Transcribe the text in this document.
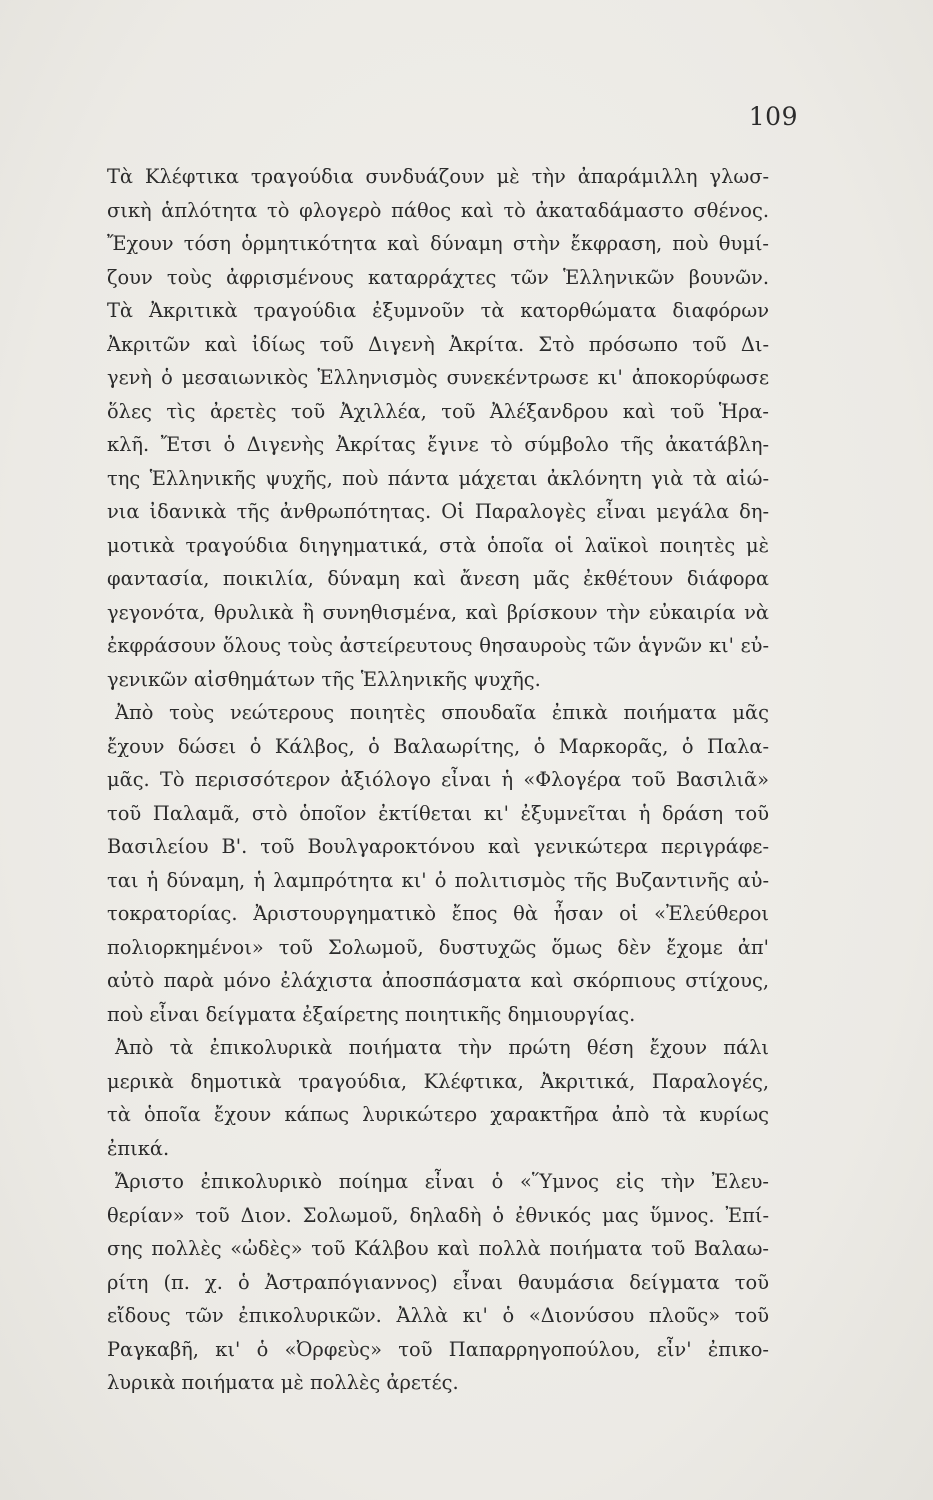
109
Τὰ Κλέφτικα τραγούδια συνδυάζουν μὲ τὴν ἀπαράμιλλη γλωσ-
σικὴ ἁπλότητα τὸ φλογερὸ πάθος καὶ τὸ ἀκαταδάμαστο σθένος.
Ἔχουν τόση ὁρμητικότητα καὶ δύναμη στὴν ἔκφραση, ποὺ θυμί-
ζουν τοὺς ἀφρισμένους καταρράχτες τῶν Ἑλληνικῶν βουνῶν.
Τὰ Ἀκριτικὰ τραγούδια ἐξυμνοῦν τὰ κατορθώματα διαφόρων
Ἀκριτῶν καὶ ἰδίως τοῦ Διγενὴ Ἀκρίτα. Στὸ πρόσωπο τοῦ Δι-
γενὴ ὁ μεσαιωνικὸς Ἑλληνισμὸς συνεκέντρωσε κι' ἀποκορύφωσε
ὅλες τὶς ἀρετὲς τοῦ Ἀχιλλέα, τοῦ Ἀλέξανδρου καὶ τοῦ Ἡρα-
κλῆ. Ἔτσι ὁ Διγενὴς Ἀκρίτας ἔγινε τὸ σύμβολο τῆς ἀκατάβλη-
της Ἑλληνικῆς ψυχῆς, ποὺ πάντα μάχεται ἀκλόνητη γιὰ τὰ αἰώ-
νια ἰδανικὰ τῆς ἀνθρωπότητας. Οἱ Παραλογὲς εἶναι μεγάλα δη-
μοτικὰ τραγούδια διηγηματικά, στὰ ὁποῖα οἱ λαϊκοὶ ποιητὲς μὲ
φαντασία, ποικιλία, δύναμη καὶ ἄνεση μᾶς ἐκθέτουν διάφορα
γεγονότα, θρυλικὰ ἢ συνηθισμένα, καὶ βρίσκουν τὴν εὐκαιρία νὰ
ἐκφράσουν ὅλους τοὺς ἀστείρευτους θησαυροὺς τῶν ἁγνῶν κι' εὐ-
γενικῶν αἰσθημάτων τῆς Ἑλληνικῆς ψυχῆς.
Ἀπὸ τοὺς νεώτερους ποιητὲς σπουδαῖα ἐπικὰ ποιήματα μᾶς
ἔχουν δώσει ὁ Κάλβος, ὁ Βαλαωρίτης, ὁ Μαρκορᾶς, ὁ Παλα-
μᾶς. Τὸ περισσότερον ἀξιόλογο εἶναι ἡ «Φλογέρα τοῦ Βασιλιᾶ»
τοῦ Παλαμᾶ, στὸ ὁποῖον ἐκτίθεται κι' ἐξυμνεῖται ἡ δράση τοῦ
Βασιλείου Β'. τοῦ Βουλγαροκτόνου καὶ γενικώτερα περιγράφε-
ται ἡ δύναμη, ἡ λαμπρότητα κι' ὁ πολιτισμὸς τῆς Βυζαντινῆς αὐ-
τοκρατορίας. Ἀριστουργηματικὸ ἔπος θὰ ἦσαν οἱ «Ἐλεύθεροι
πολιορκημένοι» τοῦ Σολωμοῦ, δυστυχῶς ὅμως δὲν ἔχομε ἀπ'
αὐτὸ παρὰ μόνο ἐλάχιστα ἀποσπάσματα καὶ σκόρπιους στίχους,
ποὺ εἶναι δείγματα ἐξαίρετης ποιητικῆς δημιουργίας.
Ἀπὸ τὰ ἐπικολυρικὰ ποιήματα τὴν πρώτη θέση ἔχουν πάλι
μερικὰ δημοτικὰ τραγούδια, Κλέφτικα, Ἀκριτικά, Παραλογές,
τὰ ὁποῖα ἔχουν κάπως λυρικώτερο χαρακτῆρα ἀπὸ τὰ κυρίως
ἐπικά.
Ἄριστο ἐπικολυρικὸ ποίημα εἶναι ὁ «Ὕμνος εἰς τὴν Ἐλευ-
θερίαν» τοῦ Διον. Σολωμοῦ, δηλαδὴ ὁ ἐθνικός μας ὕμνος. Ἐπί-
σης πολλὲς «ὠδὲς» τοῦ Κάλβου καὶ πολλὰ ποιήματα τοῦ Βαλαω-
ρίτη (π. χ. ὁ Ἀστραπόγιαννος) εἶναι θαυμάσια δείγματα τοῦ
εἴδους τῶν ἐπικολυρικῶν. Ἀλλὰ κι' ὁ «Διονύσου πλοῦς» τοῦ
Ραγκαβῆ, κι' ὁ «Ὀρφεὺς» τοῦ Παπαρρηγοπούλου, εἶν' ἐπικο-
λυρικὰ ποιήματα μὲ πολλὲς ἀρετές.
